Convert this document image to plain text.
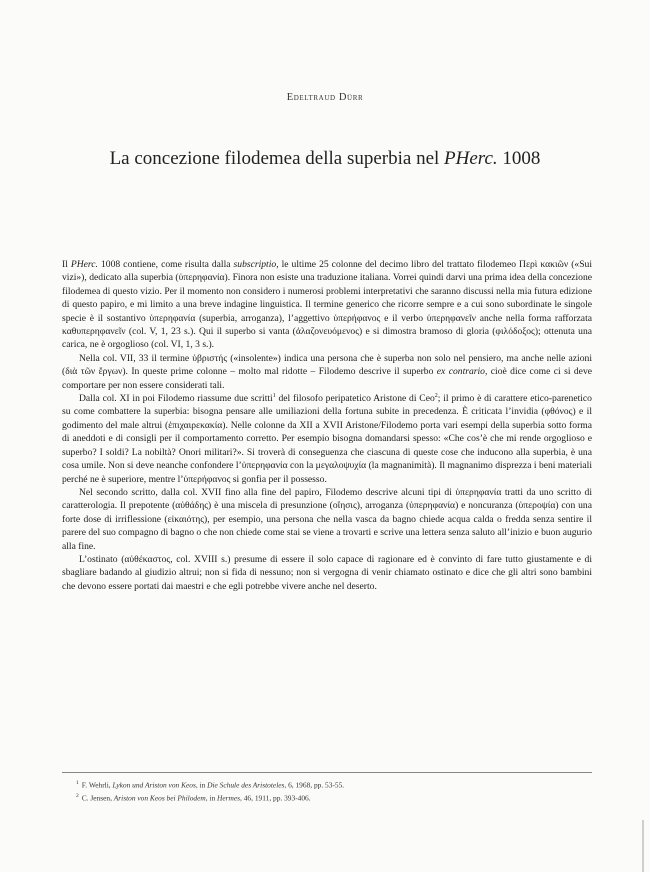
Edeltraud Dürr
La concezione filodemea della superbia nel PHerc. 1008

Il PHerc. 1008 contiene, come risulta dalla subscriptio, le ultime 25 colonne del decimo libro del trattato filodemeo Περὶ κακιῶν («Sui vizi»), dedicato alla superbia (ὑπερηφανία). Finora non esiste una traduzione italiana. Vorrei quindi darvi una prima idea della concezione filodemea di questo vizio. Per il momento non considero i numerosi problemi interpretativi che saranno discussi nella mia futura edizione di questo papiro, e mi limito a una breve indagine linguistica. Il termine generico che ricorre sempre e a cui sono subordinate le singole specie è il sostantivo ὑπερηφανία (superbia, arroganza), l’aggettivo ὑπερήφανος e il verbo ὑπερηφανεῖν anche nella forma rafforzata καθυπερηφανεῖν (col. V, 1, 23 s.). Qui il superbo si vanta (ἀλαζονευόμενος) e si dimostra bramoso di gloria (φιλόδοξος); ottenuta una carica, ne è orgoglioso (col. VI, 1, 3 s.).

Nella col. VII, 33 il termine ὑβριστής («insolente») indica una persona che è superba non solo nel pensiero, ma anche nelle azioni (διὰ τῶν ἔργων). In queste prime colonne – molto mal ridotte – Filodemo descrive il superbo ex contrario, cioè dice come ci si deve comportare per non essere considerati tali.

Dalla col. XI in poi Filodemo riassume due scritti$^1$ del filosofo peripatetico Aristone di Ceo$^2$; il primo è di carattere etico-parenetico su come combattere la superbia: bisogna pensare alle umiliazioni della fortuna subite in precedenza. È criticata l’invidia (φθόνος) e il godimento del male altrui (ἐπιχαιρεκακία). Nelle colonne da XII a XVII Aristone/Filodemo porta vari esempi della superbia sotto forma di aneddoti e di consigli per il comportamento corretto. Per esempio bisogna domandarsi spesso: «Che cos’è che mi rende orgoglioso e superbo? I soldi? La nobiltà? Onori militari?». Si troverà di conseguenza che ciascuna di queste cose che inducono alla superbia, è una cosa umile. Non si deve neanche confondere l’ὑπερηφανία con la μεγαλοψυχία (la magnanimità). Il magnanimo disprezza i beni materiali perché ne è superiore, mentre l’ὑπερήφανος si gonfia per il possesso.

Nel secondo scritto, dalla col. XVII fino alla fine del papiro, Filodemo descrive alcuni tipi di ὑπερηφανία tratti da uno scritto di caratterologia. Il prepotente (αὐθάδης) è una miscela di presunzione (οἴησις), arroganza (ὑπερηφανία) e noncuranza (ὑπεροψία) con una forte dose di irriflessione (εἰκαιότης), per esempio, una persona che nella vasca da bagno chiede acqua calda o fredda senza sentire il parere del suo compagno di bagno o che non chiede come stai se viene a trovarti e scrive una lettera senza saluto all’inizio e buon augurio alla fine.

L’ostinato (αὐθέκαστος, col. XVIII s.) presume di essere il solo capace di ragionare ed è convinto di fare tutto giustamente e di sbagliare badando al giudizio altrui; non si fida di nessuno; non si vergogna di venir chiamato ostinato e dice che gli altri sono bambini che devono essere portati dai maestri e che egli potrebbe vivere anche nel deserto.

$^1$ F. Wehrli, Lykon und Ariston von Keos, in Die Schule des Aristoteles, 6, 1968, pp. 53-55.
$^2$ C. Jensen, Ariston von Keos bei Philodem, in Hermes, 46, 1911, pp. 393-406.
